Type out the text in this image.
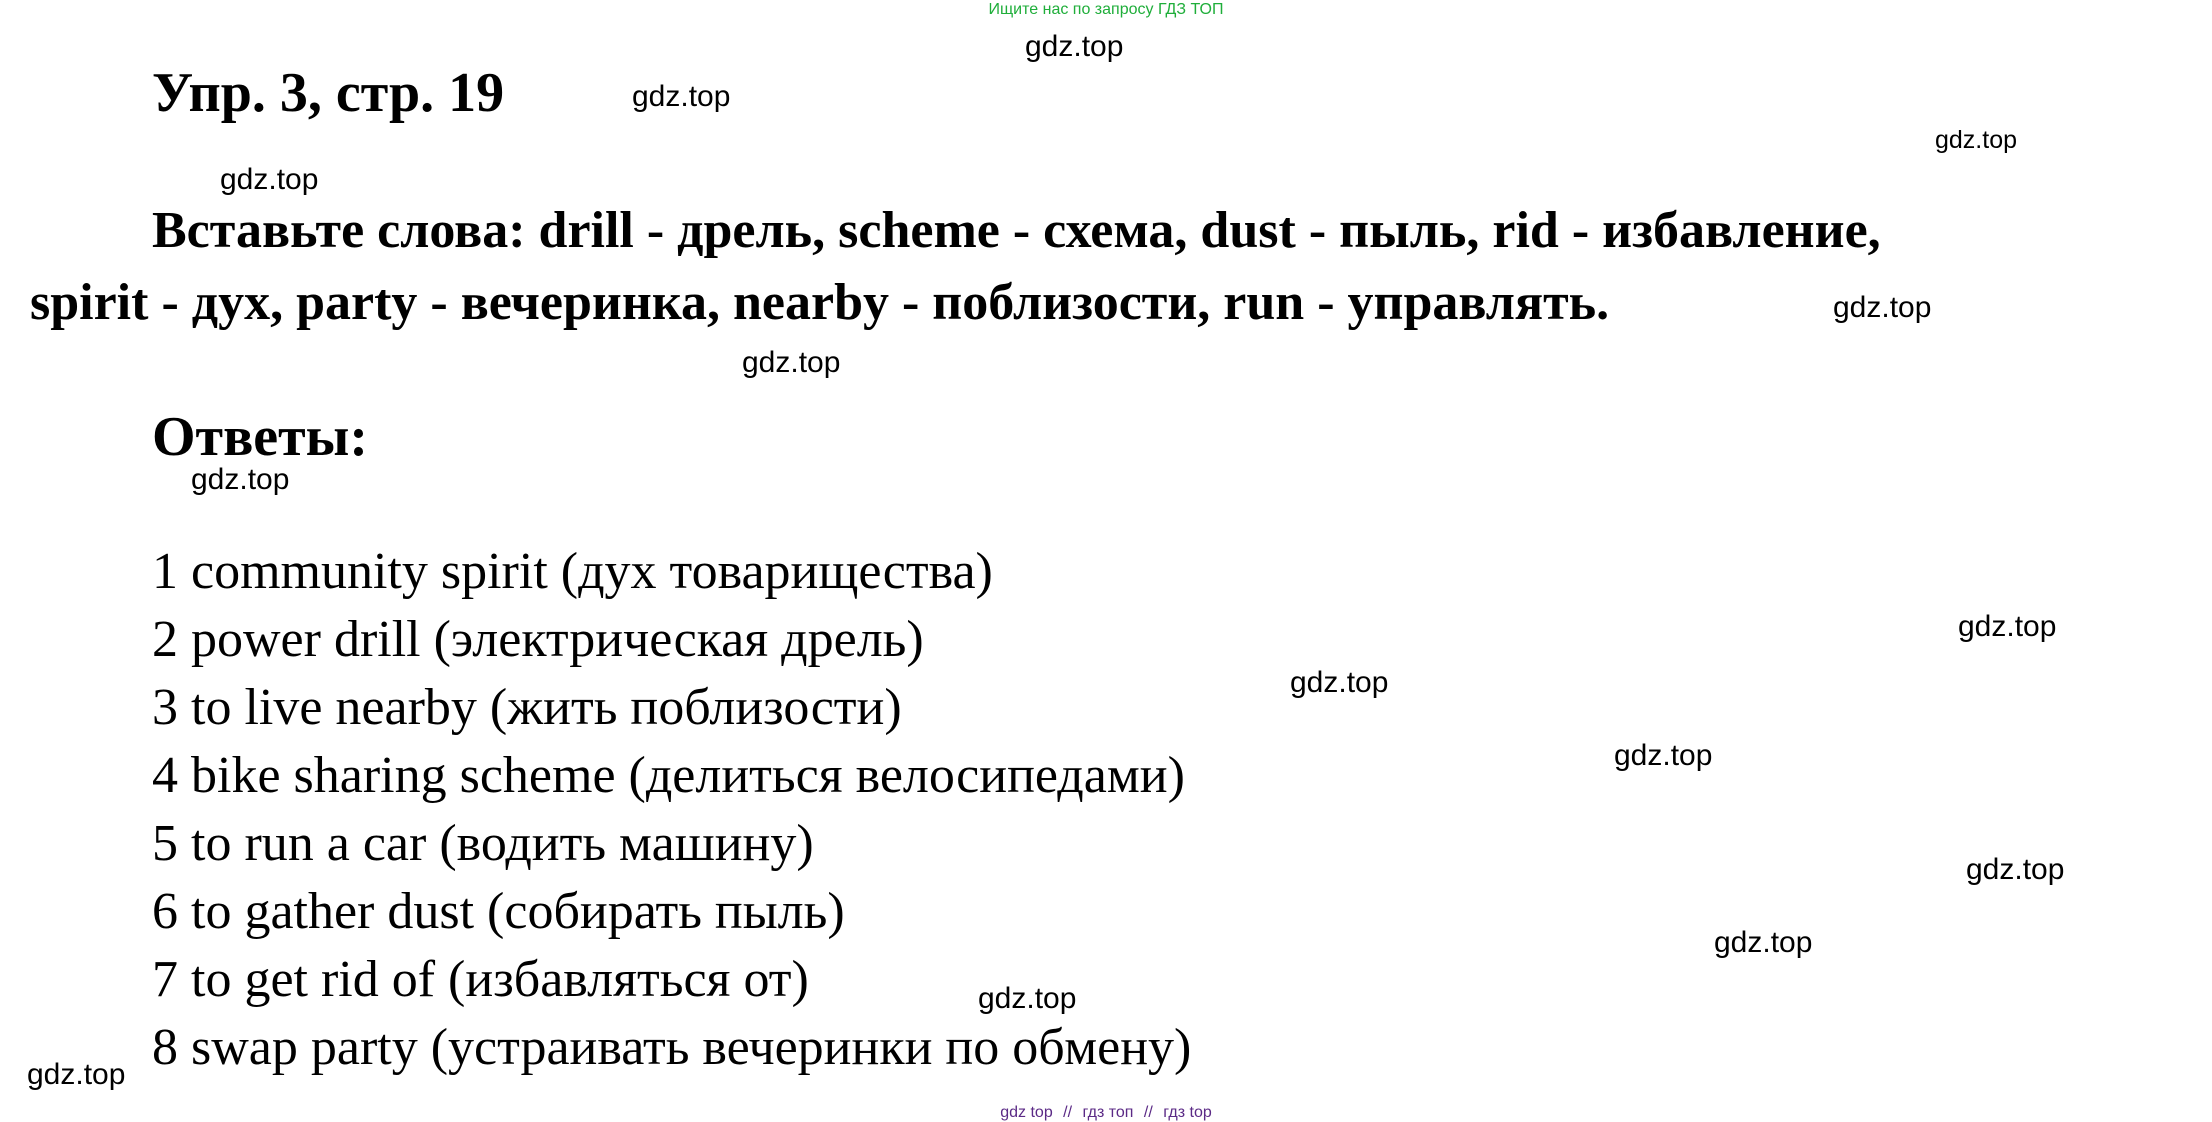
Ищите нас по запросу ГДЗ ТОП
Упр. 3, стр. 19
Вставьте слова: drill - дрель, scheme - схема, dust - пыль, rid - избавление,
spirit - дух, party - вечеринка, nearby - поблизости, run - управлять.
Ответы:
1 community spirit (дух товарищества)
2 power drill (электрическая дрель)
3 to live nearby (жить поблизости)
4 bike sharing scheme (делиться велосипедами)
5 to run a car (водить машину)
6 to gather dust (собирать пыль)
7 to get rid of (избавляться от)
8 swap party (устраивать вечеринки по обмену)
gdz.top
gdz.top
gdz.top
gdz.top
gdz.top
gdz.top
gdz.top
gdz.top
gdz.top
gdz.top
gdz.top
gdz.top
gdz.top
gdz.top
gdz top // гдз топ // гдз top
